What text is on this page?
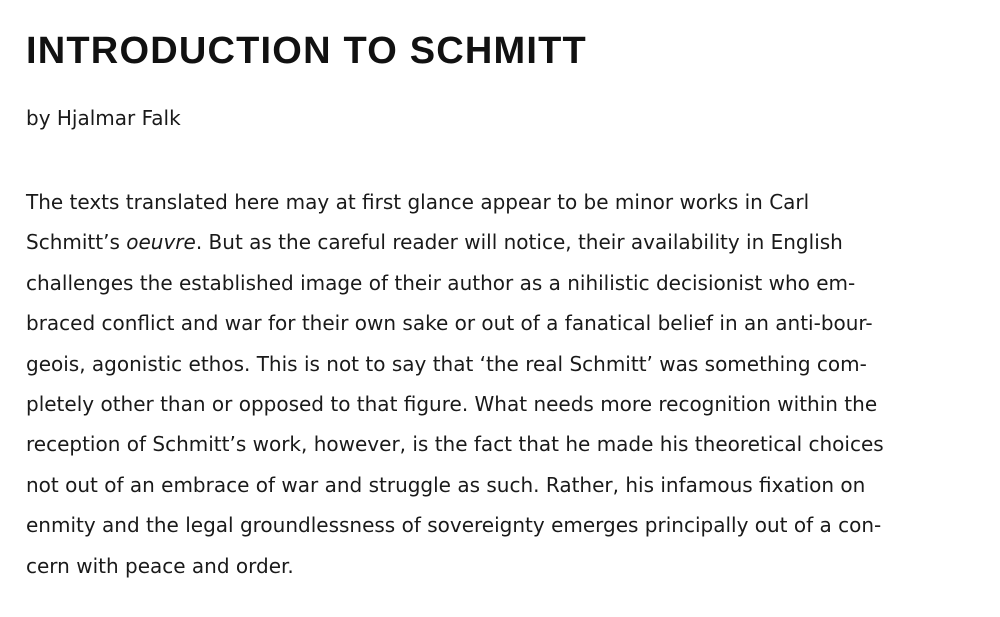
INTRODUCTION TO SCHMITT

by Hjalmar Falk

The texts translated here may at first glance appear to be minor works in Carl
Schmitt’s oeuvre. But as the careful reader will notice, their availability in English
challenges the established image of their author as a nihilistic decisionist who em-
braced conflict and war for their own sake or out of a fanatical belief in an anti-bour-
geois, agonistic ethos. This is not to say that ‘the real Schmitt’ was something com-
pletely other than or opposed to that figure. What needs more recognition within the
reception of Schmitt’s work, however, is the fact that he made his theoretical choices
not out of an embrace of war and struggle as such. Rather, his infamous fixation on
enmity and the legal groundlessness of sovereignty emerges principally out of a con-
cern with peace and order.
